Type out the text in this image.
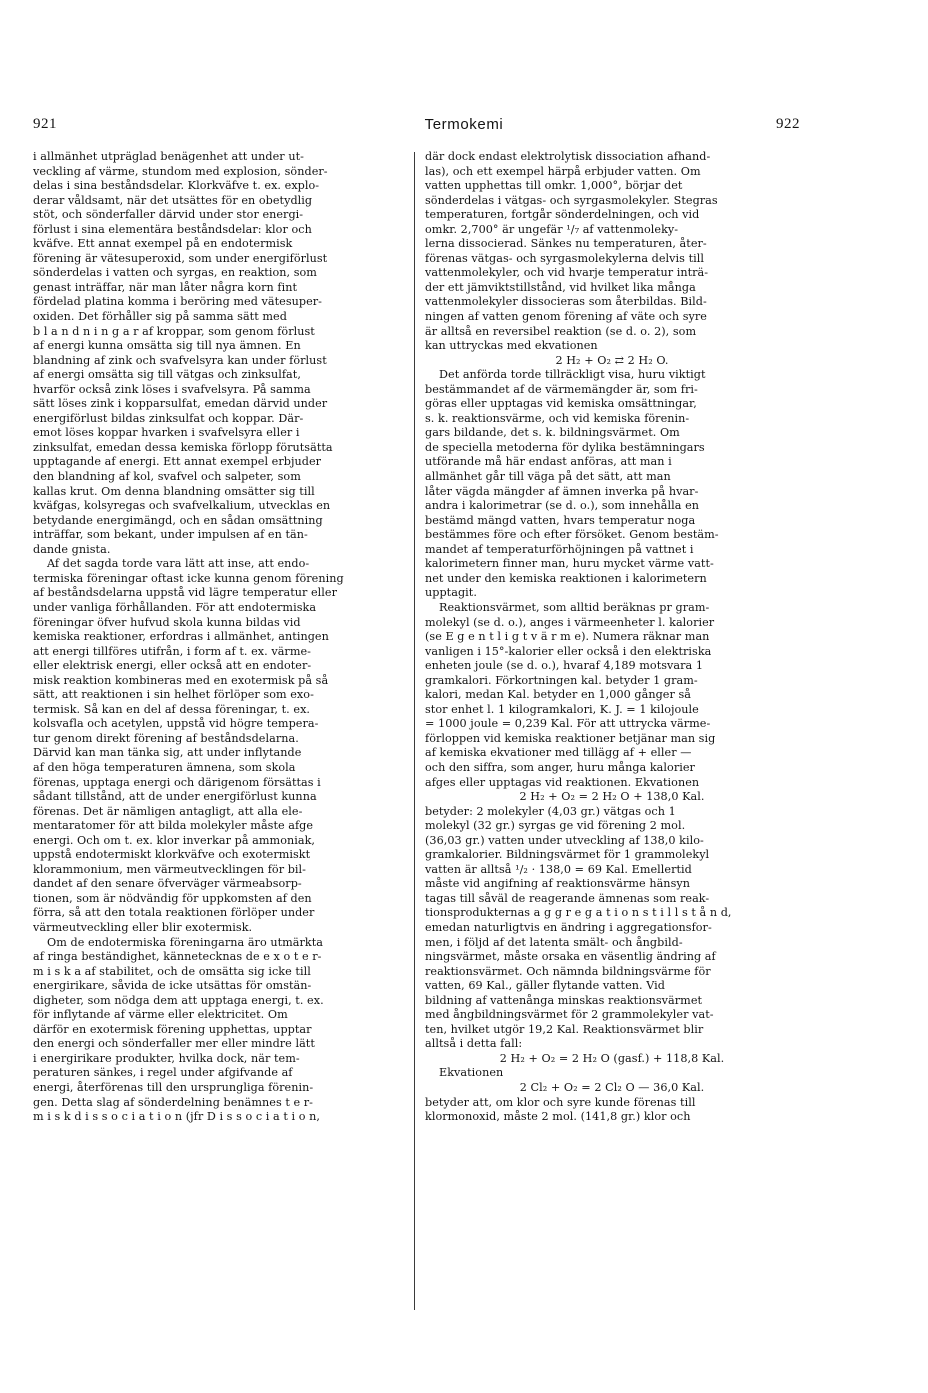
921	Termokemi	922
i allmänhet utpräglad benägenhet att under ut-
veckling af värme, stundom med explosion, sönder-
delas i sina beståndsdelar. Klorkväfve t. ex. explo-
derar våldsamt, när det utsättes för en obetydlig
stöt, och sönderfaller därvid under stor energi-
förlust i sina elementära beståndsdelar: klor och
kväfve. Ett annat exempel på en endotermisk
förening är vätesuperoxid, som under energiförlust
sönderdelas i vatten och syrgas, en reaktion, som
genast inträffar, när man låter några korn fint
fördelad platina komma i beröring med vätesuper-
oxiden. Det förhåller sig på samma sätt med
b l a n d n i n g a r af kroppar, som genom förlust
af energi kunna omsätta sig till nya ämnen. En
blandning af zink och svafvelsyra kan under förlust
af energi omsätta sig till vätgas och zinksulfat,
hvarför också zink löses i svafvelsyra. På samma
sätt löses zink i kopparsulfat, emedan därvid under
energiförlust bildas zinksulfat och koppar. Där-
emot löses koppar hvarken i svafvelsyra eller i
zinksulfat, emedan dessa kemiska förlopp förutsätta
upptagande af energi. Ett annat exempel erbjuder
den blandning af kol, svafvel och salpeter, som
kallas krut. Om denna blandning omsätter sig till
kväfgas, kolsyregas och svafvelkalium, utvecklas en
betydande energimängd, och en sådan omsättning
inträffar, som bekant, under impulsen af en tän-
dande gnista.
Af det sagda torde vara lätt att inse, att endo-
termiska föreningar oftast icke kunna genom förening
af beståndsdelarna uppstå vid lägre temperatur eller
under vanliga förhållanden. För att endotermiska
föreningar öfver hufvud skola kunna bildas vid
kemiska reaktioner, erfordras i allmänhet, antingen
att energi tillföres utifrån, i form af t. ex. värme-
eller elektrisk energi, eller också att en endoter-
misk reaktion kombineras med en exotermisk på så
sätt, att reaktionen i sin helhet förlöper som exo-
termisk. Så kan en del af dessa föreningar, t. ex.
kolsvafla och acetylen, uppstå vid högre tempera-
tur genom direkt förening af beståndsdelarna.
Därvid kan man tänka sig, att under inflytande
af den höga temperaturen ämnena, som skola
förenas, upptaga energi och därigenom försättas i
sådant tillstånd, att de under energiförlust kunna
förenas. Det är nämligen antagligt, att alla ele-
mentaratomer för att bilda molekyler måste afge
energi. Och om t. ex. klor inverkar på ammoniak,
uppstå endotermiskt klorkväfve och exotermiskt
klorammonium, men värmeutvecklingen för bil-
dandet af den senare öfverväger värmeabsorp-
tionen, som är nödvändig för uppkomsten af den
förra, så att den totala reaktionen förlöper under
värmeutveckling eller blir exotermisk.
Om de endotermiska föreningarna äro utmärkta
af ringa beständighet, kännetecknas de e x o t e r-
m i s k a af stabilitet, och de omsätta sig icke till
energirikare, såvida de icke utsättas för omstän-
digheter, som nödga dem att upptaga energi, t. ex.
för inflytande af värme eller elektricitet. Om
därför en exotermisk förening upphettas, upptar
den energi och sönderfaller mer eller mindre lätt
i energirikare produkter, hvilka dock, när tem-
peraturen sänkes, i regel under afgifvande af
energi, återförenas till den ursprungliga förenin-
gen. Detta slag af sönderdelning benämnes t e r-
m i s k d i s s o c i a t i o n (jfr D i s s o c i a t i o n,
där dock endast elektrolytisk dissociation afhand-
las), och ett exempel härpå erbjuder vatten. Om
vatten upphettas till omkr. 1,000°, börjar det
sönderdelas i vätgas- och syrgasmolekyler. Stegras
temperaturen, fortgår sönderdelningen, och vid
omkr. 2,700° är ungefär ¹/₇ af vattenmoleky-
lerna dissocierad. Sänkes nu temperaturen, åter-
förenas vätgas- och syrgasmolekylerna delvis till
vattenmolekyler, och vid hvarje temperatur inträ-
der ett jämviktstillstånd, vid hvilket lika många
vattenmolekyler dissocieras som återbildas. Bild-
ningen af vatten genom förening af väte och syre
är alltså en reversibel reaktion (se d. o. 2), som
kan uttryckas med ekvationen
2 H₂ + O₂ ⇄ 2 H₂ O.
Det anförda torde tillräckligt visa, huru viktigt
bestämmandet af de värmemängder är, som fri-
göras eller upptagas vid kemiska omsättningar,
s. k. reaktionsvärme, och vid kemiska förenin-
gars bildande, det s. k. bildningsvärmet. Om
de speciella metoderna för dylika bestämningars
utförande må här endast anföras, att man i
allmänhet går till väga på det sätt, att man
låter vägda mängder af ämnen inverka på hvar-
andra i kalorimetrar (se d. o.), som innehålla en
bestämd mängd vatten, hvars temperatur noga
bestämmes före och efter försöket. Genom bestäm-
mandet af temperaturförhöjningen på vattnet i
kalorimetern finner man, huru mycket värme vatt-
net under den kemiska reaktionen i kalorimetern
upptagit.
Reaktionsvärmet, som alltid beräknas pr gram-
molekyl (se d. o.), anges i värmeenheter l. kalorier
(se E g e n t l i g t v ä r m e). Numera räknar man
vanligen i 15°-kalorier eller också i den elektriska
enheten joule (se d. o.), hvaraf 4,189 motsvara 1
gramkalori. Förkortningen kal. betyder 1 gram-
kalori, medan Kal. betyder en 1,000 gånger så
stor enhet l. 1 kilogramkalori, K. J. = 1 kilojoule
= 1000 joule = 0,239 Kal. För att uttrycka värme-
förloppen vid kemiska reaktioner betjänar man sig
af kemiska ekvationer med tillägg af + eller —
och den siffra, som anger, huru många kalorier
afges eller upptagas vid reaktionen. Ekvationen
2 H₂ + O₂ = 2 H₂ O + 138,0 Kal.
betyder: 2 molekyler (4,03 gr.) vätgas och 1
molekyl (32 gr.) syrgas ge vid förening 2 mol.
(36,03 gr.) vatten under utveckling af 138,0 kilo-
gramkalorier. Bildningsvärmet för 1 grammolekyl
vatten är alltså ¹/₂ · 138,0 = 69 Kal. Emellertid
måste vid angifning af reaktionsvärme hänsyn
tagas till såväl de reagerande ämnenas som reak-
tionsprodukternas a g g r e g a t i o n s t i l l s t å n d,
emedan naturligtvis en ändring i aggregationsfor-
men, i följd af det latenta smält- och ångbild-
ningsvärmet, måste orsaka en väsentlig ändring af
reaktionsvärmet. Och nämnda bildningsvärme för
vatten, 69 Kal., gäller flytande vatten. Vid
bildning af vattenånga minskas reaktionsvärmet
med ångbildningsvärmet för 2 grammolekyler vat-
ten, hvilket utgör 19,2 Kal. Reaktionsvärmet blir
alltså i detta fall:
2 H₂ + O₂ = 2 H₂ O (gasf.) + 118,8 Kal.
Ekvationen
2 Cl₂ + O₂ = 2 Cl₂ O — 36,0 Kal.
betyder att, om klor och syre kunde förenas till
klormonoxid, måste 2 mol. (141,8 gr.) klor och
